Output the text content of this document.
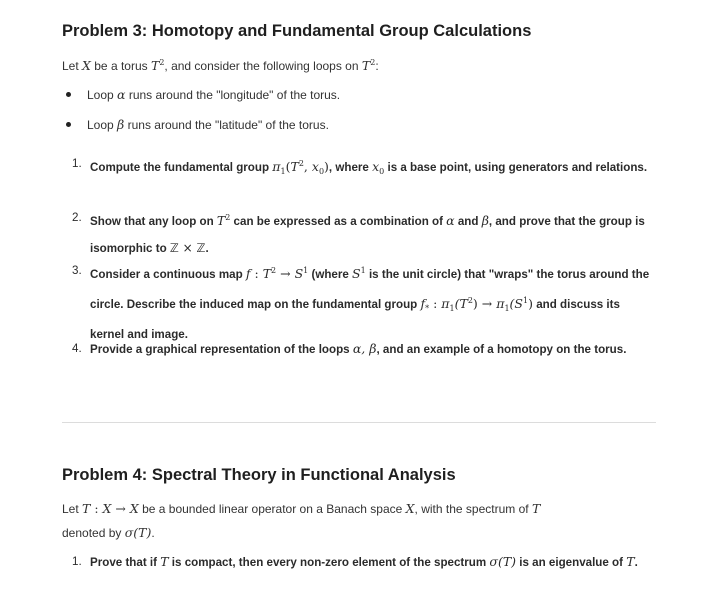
Problem 3: Homotopy and Fundamental Group Calculations
Let X be a torus $T^2$, and consider the following loops on $T^2$:
Loop α runs around the "longitude" of the torus.
Loop β runs around the "latitude" of the torus.
1. Compute the fundamental group $\pi_1(T^2$, $x_0$), where $x_0$ is a base point, using generators and relations.
2. Show that any loop on $T^2$ can be expressed as a combination of α and β, and prove that the group is isomorphic to ℤ × ℤ.
3. Consider a continuous map f : $T^2 \to S^1$ (where $S^1$ is the unit circle) that "wraps" the torus around the circle. Describe the induced map on the fundamental group $f_*$ : $\pi_1(T^2) \to \pi_1(S^1)$ and discuss its kernel and image.
4. Provide a graphical representation of the loops α, β, and an example of a homotopy on the torus.
Problem 4: Spectral Theory in Functional Analysis
Let T : X → X be a bounded linear operator on a Banach space X, with the spectrum of T
denoted by σ(T).
1. Prove that if T is compact, then every non-zero element of the spectrum σ(T) is an eigenvalue of T.
